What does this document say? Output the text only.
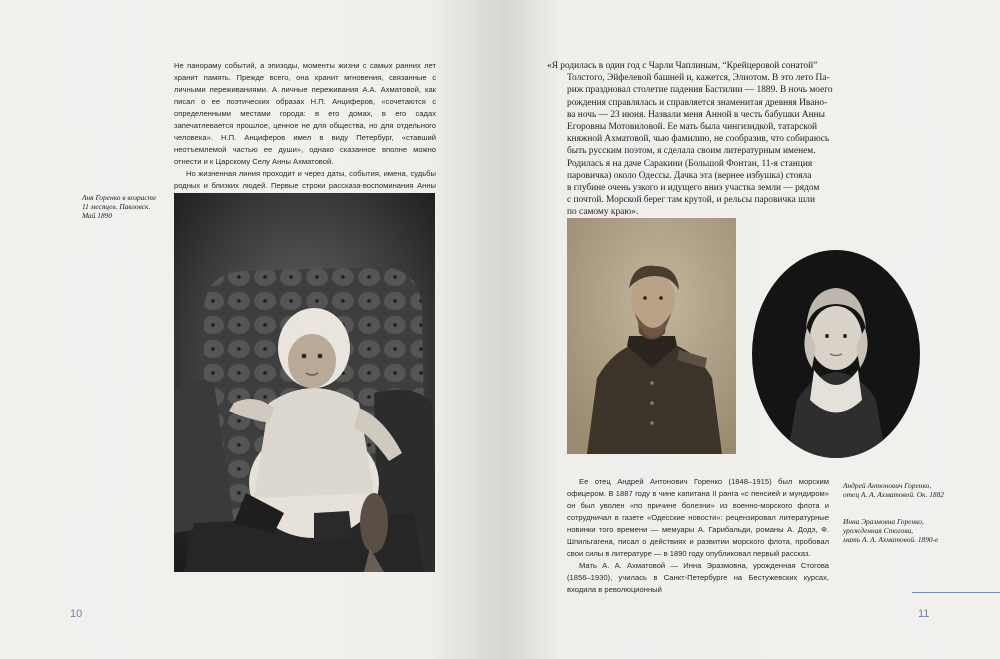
Не панораму событий, а эпизоды, моменты жизни с самых ранних лет хранит память. Прежде всего, она хранит мгновения, связанные с личными переживаниями. А личные переживания А.А. Ахматовой, как писал о ее поэтических образах Н.П. Анциферов, «сочетаются с определенными местами города: в его домах, в его садах запечатлевается прошлое, ценное не для общества, но для отдельного человека». Н.П. Анциферов имел в виду Петербург, «ставший неотъемлемой частью ее души», однако сказанное вполне можно отнести и к Царскому Селу Анны Ахматовой.

Но жизненная линия проходит и через даты, события, имена, судьбы родных и близких людей. Первые строки рассказа-воспоминания Анны

Аня Горенко в возрасте
11 месяцев. Павловск.
Май 1890
10

«Я родилась в один год с Чарли Чаплиным, “Крейцеровой сонатой”

Толстого, Эйфелевой башней и, кажется, Элиотом. В это лето Па-

риж праздновал столетие падения Бастилии — 1889. В ночь моего

рождения справлялась и справляется знаменитая древняя Ивано-

ва ночь — 23 июня. Назвали меня Анной в честь бабушки Анны

Егоровны Мотовиловой. Ее мать была чингизидкой, татарской

княжной Ахматовой, чью фамилию, не сообразив, что собираюсь

быть русским поэтом, я сделала своим литературным именем.

Родилась я на даче Саракини (Большой Фонтан, 11-я станция

паровичка) около Одессы. Дачка эта (вернее избушка) стояла

в глубине очень узкого и идущего вниз участка земли — рядом

с почтой. Морской берег там крутой, и рельсы паровичка шли

по самому краю».

Ее отец Андрей Антонович Горенко (1848–1915) был морским офицером. В 1887 году в чине капитана II ранга «с пенсией и мундиром» он был уволен «по причине болезни» из военно-морского флота и сотрудничал в газете «Одесские новости»: рецензировал литературные новинки того времени — мемуары А. Гарибальди, романы А. Додэ, Ф. Шпильгагена, писал о действиях и развитии морского флота, пробовал свои силы в литературе — в 1890 году опубликовал первый рассказ.

Мать А. А. Ахматовой — Инна Эразмовна, урожденная Стогова (1856–1930), училась в Санкт-Петербурге на Бестужевских курсах, входила в революционный

Андрей Антонович Горенко,
отец А. А. Ахматовой. Ок. 1882
Инна Эразмовна Горенко,
урожденная Стогова,
мать А. А. Ахматовой. 1890-е
11
